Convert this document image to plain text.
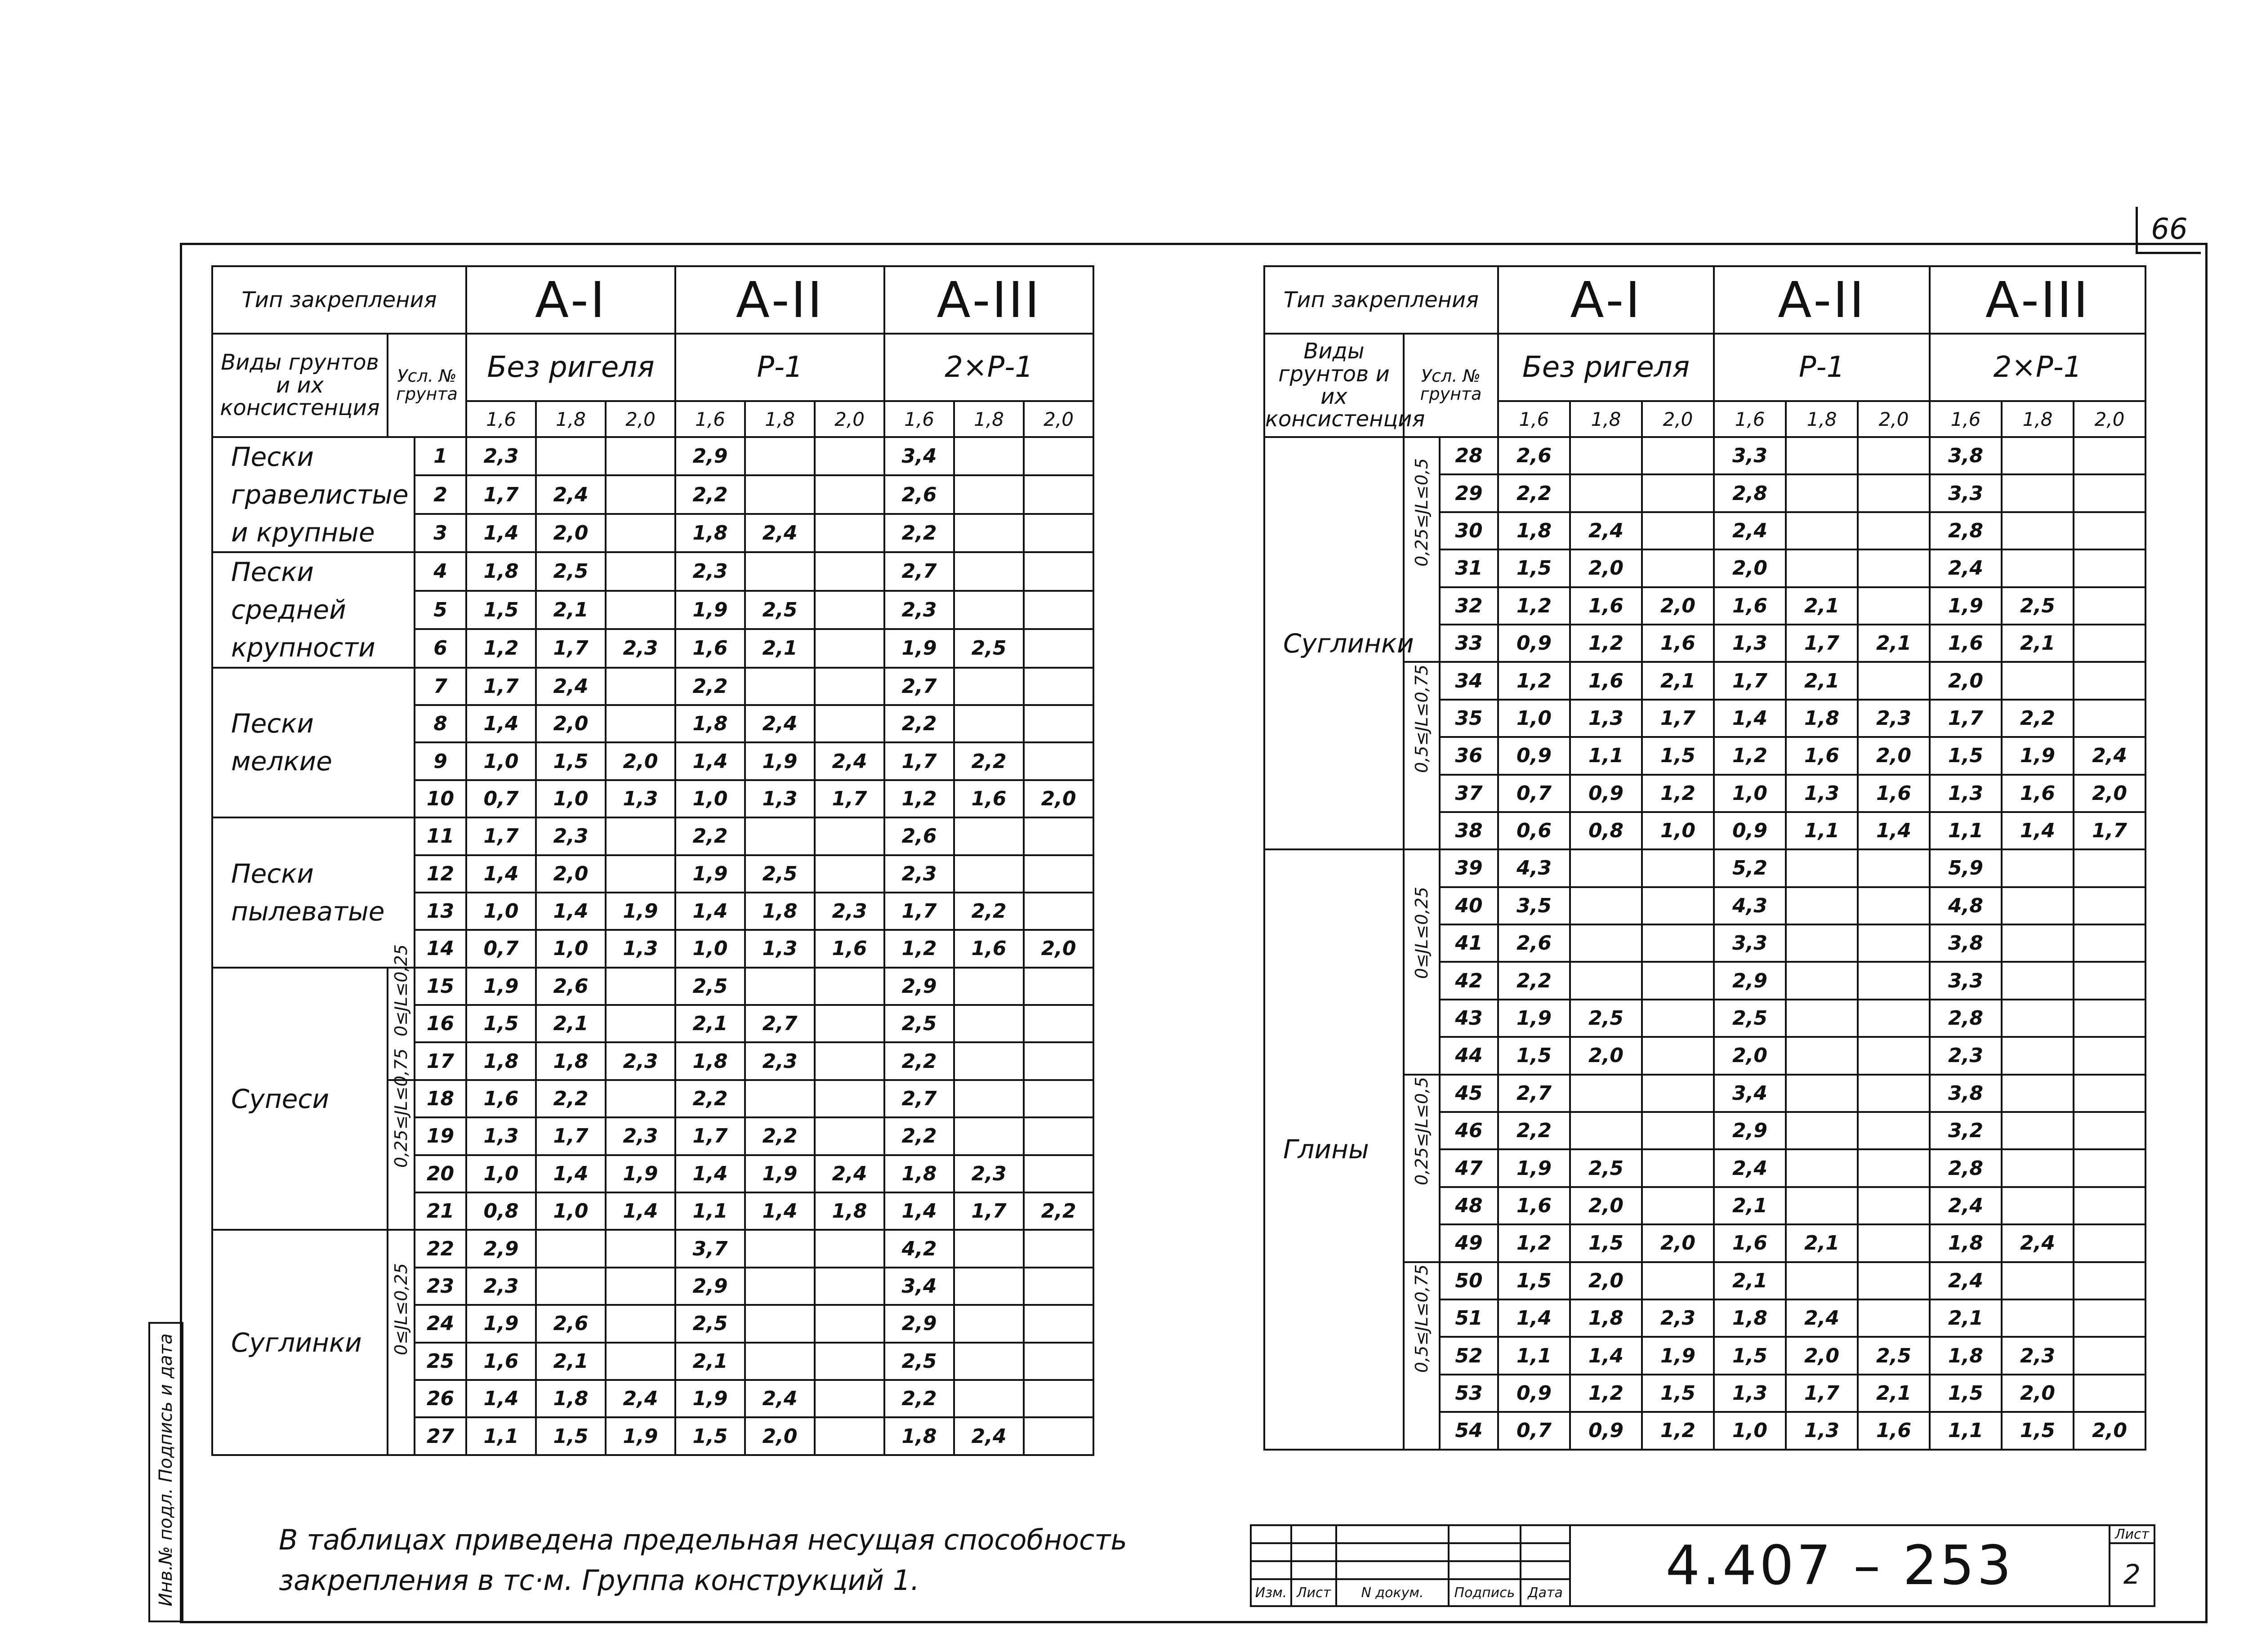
66
Инв.№ подл. Подпись и дата
Тип закрепления			А-I			А-II			А-III		
Виды грунтов и их консистенция	Усл. № грунта		Без ригеля			Р-1			2×Р-1		
			1,6	1,8	2,0	1,6	1,8	2,0	1,6	1,8	2,0
Пески гравелистые и крупные		1	2,3			2,9			3,4		
		2	1,7	2,4		2,2			2,6		
		3	1,4	2,0		1,8	2,4		2,2		
Пески средней крупности		4	1,8	2,5		2,3			2,7		
		5	1,5	2,1		1,9	2,5		2,3		
		6	1,2	1,7	2,3	1,6	2,1		1,9	2,5	
Пески мелкие		7	1,7	2,4		2,2			2,7		
		8	1,4	2,0		1,8	2,4		2,2		
		9	1,0	1,5	2,0	1,4	1,9	2,4	1,7	2,2	
		10	0,7	1,0	1,3	1,0	1,3	1,7	1,2	1,6	2,0
Пески пылеватые		11	1,7	2,3		2,2			2,6		
		12	1,4	2,0		1,9	2,5		2,3		
		13	1,0	1,4	1,9	1,4	1,8	2,3	1,7	2,2	
		14	0,7	1,0	1,3	1,0	1,3	1,6	1,2	1,6	2,0
Супеси	0≤JL≤0,25	15	1,9	2,6		2,5			2,9		
		16	1,5	2,1		2,1	2,7		2,5		
		17	1,8	1,8	2,3	1,8	2,3		2,2		

	0,25≤JL≤0,75	18	1,6	2,2		2,2			2,7		
		19	1,3	1,7	2,3	1,7	2,2		2,2		
		20	1,0	1,4	1,9	1,4	1,9	2,4	1,8	2,3	
		21	0,8	1,0	1,4	1,1	1,4	1,8	1,4	1,7	2,2
Суглинки	0≤JL≤0,25	22	2,9			3,7			4,2		
		23	2,3			2,9			3,4		
		24	1,9	2,6		2,5			2,9		
		25	1,6	2,1		2,1			2,5		
		26	1,4	1,8	2,4	1,9	2,4		2,2		
		27	1,1	1,5	1,9	1,5	2,0		1,8	2,4	
Тип закрепления			А-I			А-II			А-III		
Виды грунтов и их консистенция	Усл. № грунта		Без ригеля			Р-1			2×Р-1		
			1,6	1,8	2,0	1,6	1,8	2,0	1,6	1,8	2,0
Суглинки	0,25≤JL≤0,5	28	2,6			3,3			3,8		
		29	2,2			2,8			3,3		
		30	1,8	2,4		2,4			2,8		
		31	1,5	2,0		2,0			2,4		
		32	1,2	1,6	2,0	1,6	2,1		1,9	2,5	
		33	0,9	1,2	1,6	1,3	1,7	2,1	1,6	2,1	

	0,5≤JL≤0,75	34	1,2	1,6	2,1	1,7	2,1		2,0		
		35	1,0	1,3	1,7	1,4	1,8	2,3	1,7	2,2	
		36	0,9	1,1	1,5	1,2	1,6	2,0	1,5	1,9	2,4
		37	0,7	0,9	1,2	1,0	1,3	1,6	1,3	1,6	2,0
		38	0,6	0,8	1,0	0,9	1,1	1,4	1,1	1,4	1,7
Глины	0≤JL≤0,25	39	4,3			5,2			5,9		
		40	3,5			4,3			4,8		
		41	2,6			3,3			3,8		
		42	2,2			2,9			3,3		
		43	1,9	2,5		2,5			2,8		
		44	1,5	2,0		2,0			2,3		

	0,25≤JL≤0,5	45	2,7			3,4			3,8		
		46	2,2			2,9			3,2		
		47	1,9	2,5		2,4			2,8		
		48	1,6	2,0		2,1			2,4		
		49	1,2	1,5	2,0	1,6	2,1		1,8	2,4	

	0,5≤JL≤0,75	50	1,5	2,0		2,1			2,4		
		51	1,4	1,8	2,3	1,8	2,4		2,1		
		52	1,1	1,4	1,9	1,5	2,0	2,5	1,8	2,3	
		53	0,9	1,2	1,5	1,3	1,7	2,1	1,5	2,0	
		54	0,7	0,9	1,2	1,0	1,3	1,6	1,1	1,5	2,0
В таблицах приведена предельная несущая способность закрепления в тс·м. Группа конструкций 1.
						4.407 – 253	Лист
						2

Изм.	Лист	N докум.	Подпись	Дата		
